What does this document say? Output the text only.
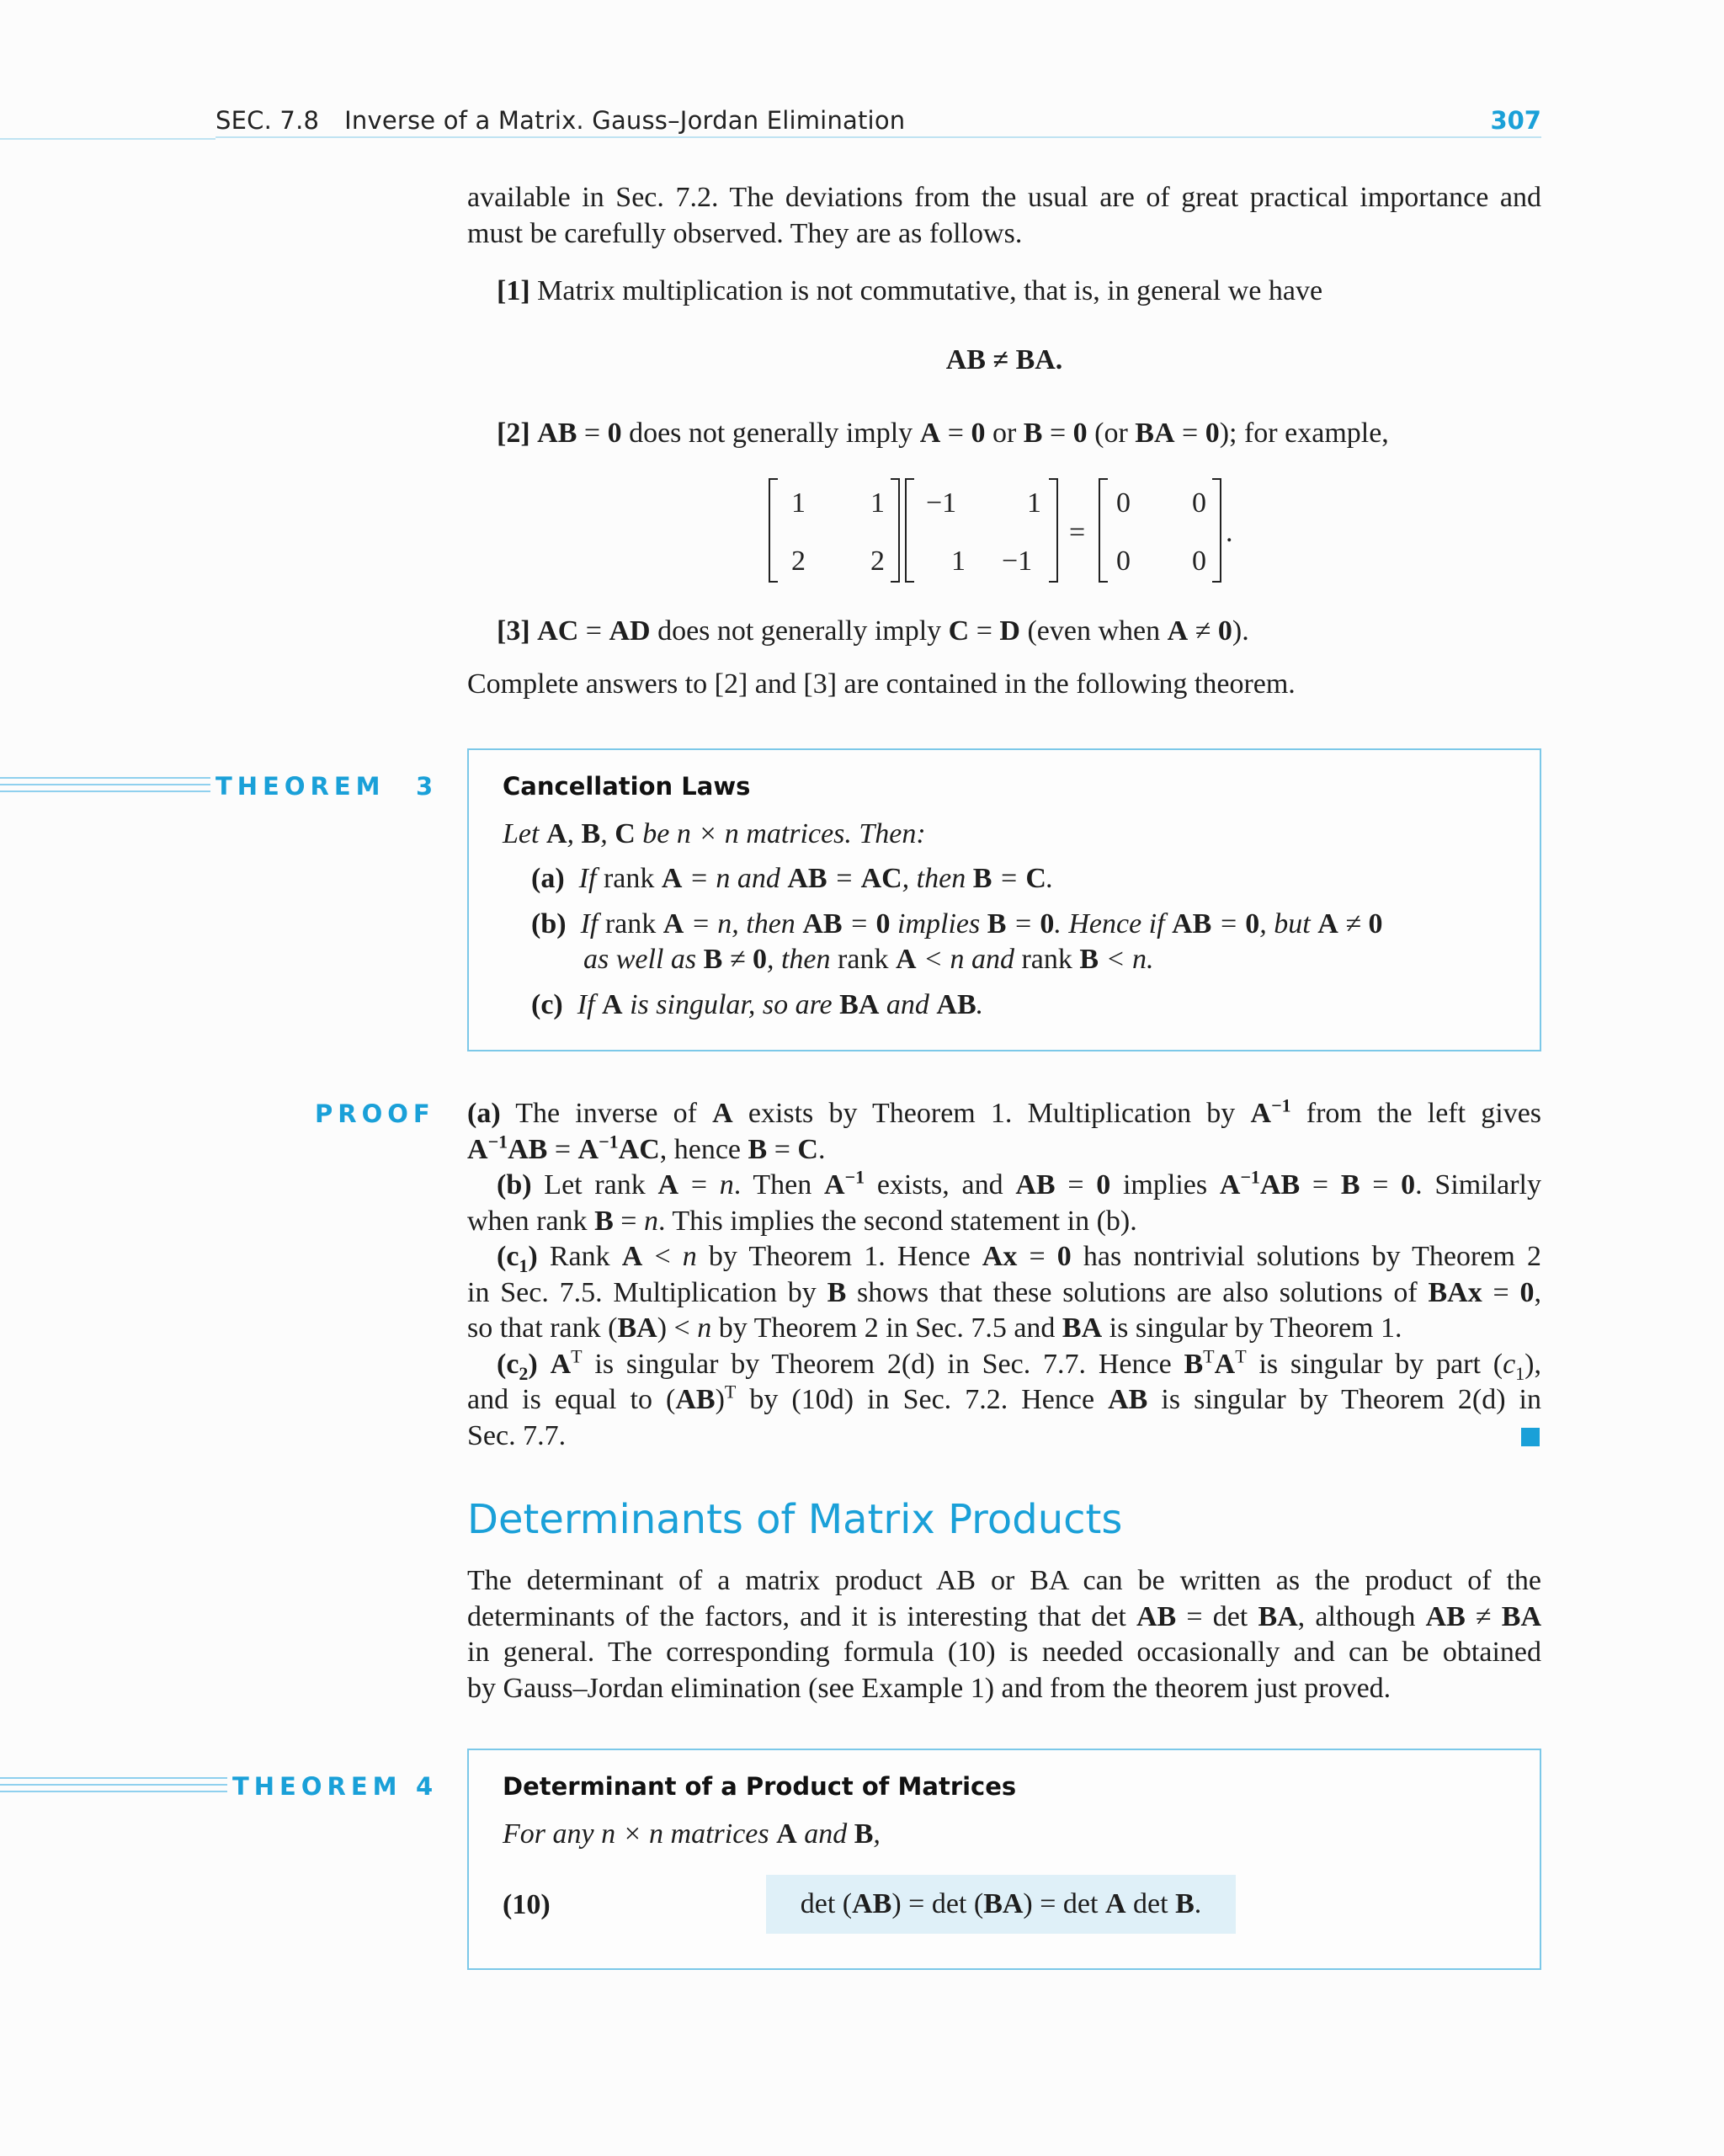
SEC. 7.8 Inverse of a Matrix. Gauss–Jordan Elimination	307
available in Sec. 7.2. The deviations from the usual are of great practical importance and
must be carefully observed. They are as follows.
[1] Matrix multiplication is not commutative, that is, in general we have
AB ≠ BA.
[2] AB = 0 does not generally imply A = 0 or B = 0 (or BA = 0); for example,
1 1
2 2
−1 1
1 −1
=
0 0
0 0
.
[3] AC = AD does not generally imply C = D (even when A ≠ 0).
Complete answers to [2] and [3] are contained in the following theorem.
THEOREM 3	Cancellation Laws
Let A, B, C be n × n matrices. Then:
(a)  If rank A = n and AB = AC, then B = C.
(b)  If rank A = n, then AB = 0 implies B = 0. Hence if AB = 0, but A ≠ 0
as well as B ≠ 0, then rank A < n and rank B < n.
(c)  If A is singular, so are BA and AB.
PROOF (a) The inverse of A exists by Theorem 1. Multiplication by $A^{-1}$ from the left gives

$A^{-1}AB = A^{-1}AC$, hence B = C.

(b) Let rank A = n. Then $A^{-1}$ exists, and AB = 0 implies $A^{-1}AB = B = 0$. Similarly

when rank B = n. This implies the second statement in (b).

$(c_1)$ Rank A < n by Theorem 1. Hence Ax = 0 has nontrivial solutions by Theorem 2

in Sec. 7.5. Multiplication by B shows that these solutions are also solutions of BAx = 0,

so that rank (BA) < n by Theorem 2 in Sec. 7.5 and BA is singular by Theorem 1.

$(c_2)$ $A^T$ is singular by Theorem 2(d) in Sec. 7.7. Hence $B^TA^T$ is singular by part $(c_1)$,

and is equal to (AB)$^T$ by (10d) in Sec. 7.2. Hence AB is singular by Theorem 2(d) in

Sec. 7.7.

Determinants of Matrix Products

The determinant of a matrix product AB or BA can be written as the product of the

determinants of the factors, and it is interesting that det AB = det BA, although AB ≠ BA

in general. The corresponding formula (10) is needed occasionally and can be obtained

by Gauss–Jordan elimination (see Example 1) and from the theorem just proved.

THEOREM 4	Determinant of a Product of Matrices
For any n × n matrices A and B,
(10)	det (AB) = det (BA) = det A det B.
